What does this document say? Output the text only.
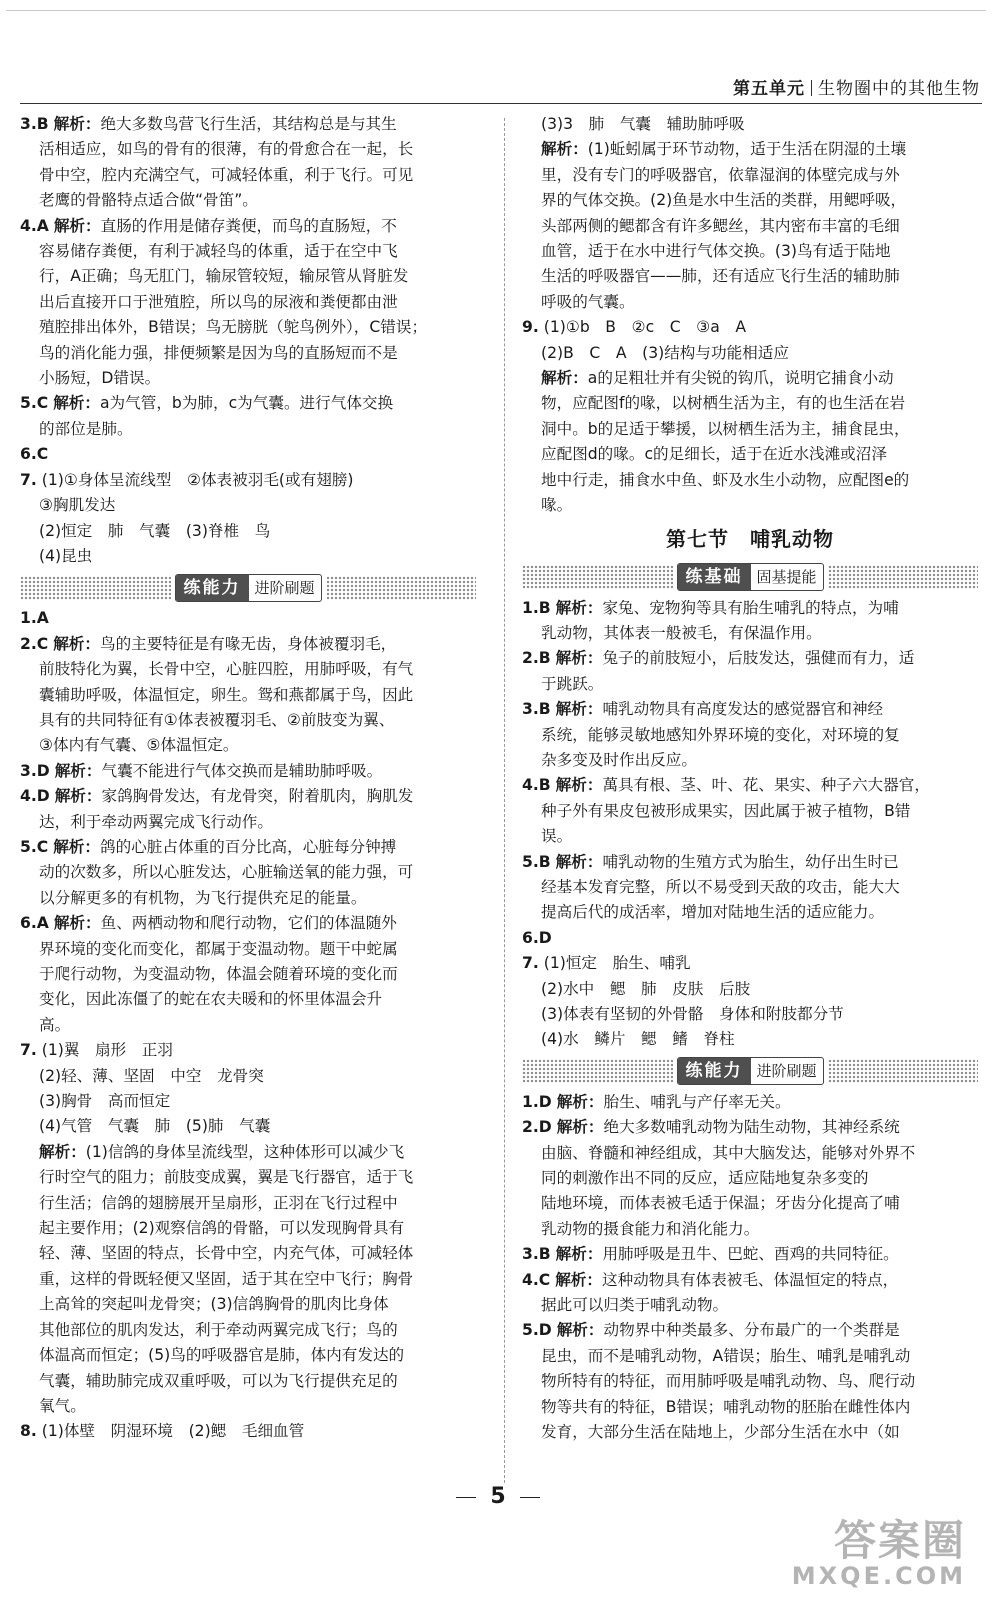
第五单元 生物圈中的其他生物
3.B 解析：绝大多数鸟营飞行生活，其结构总是与其生
活相适应，如鸟的骨有的很薄，有的骨愈合在一起，长
骨中空，腔内充满空气，可减轻体重，利于飞行。可见
老鹰的骨骼特点适合做“骨笛”。
4.A 解析：直肠的作用是储存粪便，而鸟的直肠短，不
容易储存粪便，有利于减轻鸟的体重，适于在空中飞
行，A正确；鸟无肛门，输尿管较短，输尿管从肾脏发
出后直接开口于泄殖腔，所以鸟的尿液和粪便都由泄
殖腔排出体外，B错误；鸟无膀胱（鸵鸟例外），C错误；
鸟的消化能力强，排便频繁是因为鸟的直肠短而不是
小肠短，D错误。
5.C 解析：a为气管，b为肺，c为气囊。进行气体交换
的部位是肺。
6.C
7. (1)①身体呈流线型　②体表被羽毛(或有翅膀)
③胸肌发达
(2)恒定　肺　气囊　(3)脊椎　鸟
(4)昆虫
练能力 进阶刷题
1.A
2.C 解析：鸟的主要特征是有喙无齿，身体被覆羽毛，
前肢特化为翼，长骨中空，心脏四腔，用肺呼吸，有气
囊辅助呼吸，体温恒定，卵生。鸳和燕都属于鸟，因此
具有的共同特征有①体表被覆羽毛、②前肢变为翼、
③体内有气囊、⑤体温恒定。
3.D 解析：气囊不能进行气体交换而是辅助肺呼吸。
4.D 解析：家鸽胸骨发达，有龙骨突，附着肌肉，胸肌发
达，利于牵动两翼完成飞行动作。
5.C 解析：鸽的心脏占体重的百分比高，心脏每分钟搏
动的次数多，所以心脏发达，心脏输送氧的能力强，可
以分解更多的有机物，为飞行提供充足的能量。
6.A 解析：鱼、两栖动物和爬行动物，它们的体温随外
界环境的变化而变化，都属于变温动物。题干中蛇属
于爬行动物，为变温动物，体温会随着环境的变化而
变化，因此冻僵了的蛇在农夫暖和的怀里体温会升
高。
7. (1)翼　扇形　正羽
(2)轻、薄、坚固　中空　龙骨突
(3)胸骨　高而恒定
(4)气管　气囊　肺　(5)肺　气囊
解析：(1)信鸽的身体呈流线型，这种体形可以减少飞
行时空气的阻力；前肢变成翼，翼是飞行器官，适于飞
行生活；信鸽的翅膀展开呈扇形，正羽在飞行过程中
起主要作用；(2)观察信鸽的骨骼，可以发现胸骨具有
轻、薄、坚固的特点，长骨中空，内充气体，可减轻体
重，这样的骨既轻便又坚固，适于其在空中飞行；胸骨
上高耸的突起叫龙骨突；(3)信鸽胸骨的肌肉比身体
其他部位的肌肉发达，利于牵动两翼完成飞行；鸟的
体温高而恒定；(5)鸟的呼吸器官是肺，体内有发达的
气囊，辅助肺完成双重呼吸，可以为飞行提供充足的
氧气。
8. (1)体壁　阴湿环境　(2)鳃　毛细血管
(3)3　肺　气囊　辅助肺呼吸
解析：(1)蚯蚓属于环节动物，适于生活在阴湿的土壤
里，没有专门的呼吸器官，依靠湿润的体壁完成与外
界的气体交换。(2)鱼是水中生活的类群，用鳃呼吸，
头部两侧的鳃都含有许多鳃丝，其内密布丰富的毛细
血管，适于在水中进行气体交换。(3)鸟有适于陆地
生活的呼吸器官——肺，还有适应飞行生活的辅助肺
呼吸的气囊。
9. (1)①b　B　②c　C　③a　A
(2)B　C　A　(3)结构与功能相适应
解析：a的足粗壮并有尖锐的钩爪，说明它捕食小动
物，应配图f的喙，以树栖生活为主，有的也生活在岩
洞中。b的足适于攀援，以树栖生活为主，捕食昆虫，
应配图d的喙。c的足细长，适于在近水浅滩或沼泽
地中行走，捕食水中鱼、虾及水生小动物，应配图e的
喙。
第七节　哺乳动物
练基础 固基提能
1.B 解析：家兔、宠物狗等具有胎生哺乳的特点，为哺
乳动物，其体表一般被毛，有保温作用。
2.B 解析：兔子的前肢短小，后肢发达，强健而有力，适
于跳跃。
3.B 解析：哺乳动物具有高度发达的感觉器官和神经
系统，能够灵敏地感知外界环境的变化，对环境的复
杂多变及时作出反应。
4.B 解析：萬具有根、茎、叶、花、果实、种子六大器官，
种子外有果皮包被形成果实，因此属于被子植物，B错
误。
5.B 解析：哺乳动物的生殖方式为胎生，幼仔出生时已
经基本发育完整，所以不易受到天敌的攻击，能大大
提高后代的成活率，增加对陆地生活的适应能力。
6.D
7. (1)恒定　胎生、哺乳
(2)水中　鳃　肺　皮肤　后肢
(3)体表有坚韧的外骨骼　身体和附肢都分节
(4)水　鳞片　鳃　鳍　脊柱
练能力 进阶刷题
1.D 解析：胎生、哺乳与产仔率无关。
2.D 解析：绝大多数哺乳动物为陆生动物，其神经系统
由脑、脊髓和神经组成，其中大脑发达，能够对外界不
同的刺激作出不同的反应，适应陆地复杂多变的
陆地环境，而体表被毛适于保温；牙齿分化提高了哺
乳动物的摄食能力和消化能力。
3.B 解析：用肺呼吸是丑牛、巴蛇、酉鸡的共同特征。
4.C 解析：这种动物具有体表被毛、体温恒定的特点，
据此可以归类于哺乳动物。
5.D 解析：动物界中种类最多、分布最广的一个类群是
昆虫，而不是哺乳动物，A错误；胎生、哺乳是哺乳动
物所特有的特征，而用肺呼吸是哺乳动物、鸟、爬行动
物等共有的特征，B错误；哺乳动物的胚胎在雌性体内
发育，大部分生活在陆地上，少部分生活在水中（如
5
答案圈
MXQE.COM
